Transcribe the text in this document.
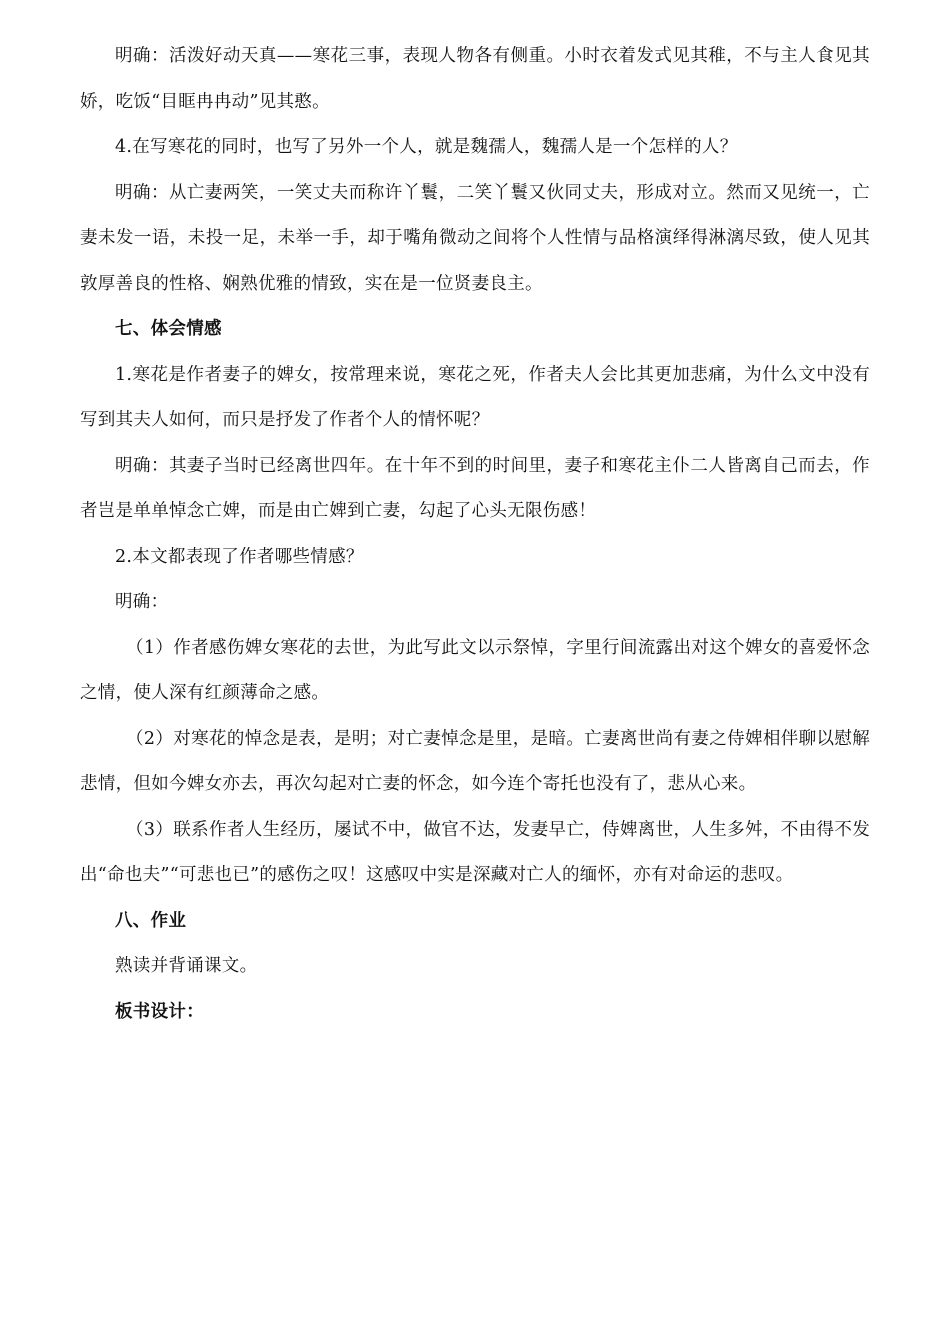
明确：活泼好动天真——寒花三事，表现人物各有侧重。小时衣着发式见其稚，不与主人食见其娇，吃饭“目眶冉冉动”见其憨。

4.在写寒花的同时，也写了另外一个人，就是魏孺人，魏孺人是一个怎样的人？

明确：从亡妻两笑，一笑丈夫而称许丫鬟，二笑丫鬟又伙同丈夫，形成对立。然而又见统一，亡妻未发一语，未投一足，未举一手，却于嘴角微动之间将个人性情与品格演绎得淋漓尽致，使人见其敦厚善良的性格、娴熟优雅的情致，实在是一位贤妻良主。

七、体会情感

1.寒花是作者妻子的婢女，按常理来说，寒花之死，作者夫人会比其更加悲痛，为什么文中没有写到其夫人如何，而只是抒发了作者个人的情怀呢？

明确：其妻子当时已经离世四年。在十年不到的时间里，妻子和寒花主仆二人皆离自己而去，作者岂是单单悼念亡婢，而是由亡婢到亡妻，勾起了心头无限伤感！

2.本文都表现了作者哪些情感？

明确：

（1）作者感伤婢女寒花的去世，为此写此文以示祭悼，字里行间流露出对这个婢女的喜爱怀念之情，使人深有红颜薄命之感。

（2）对寒花的悼念是表，是明；对亡妻悼念是里，是暗。亡妻离世尚有妻之侍婢相伴聊以慰解悲情，但如今婢女亦去，再次勾起对亡妻的怀念，如今连个寄托也没有了，悲从心来。

（3）联系作者人生经历，屡试不中，做官不达，发妻早亡，侍婢离世，人生多舛，不由得不发出“命也夫”“可悲也已”的感伤之叹！这感叹中实是深藏对亡人的缅怀，亦有对命运的悲叹。

八、作业

熟读并背诵课文。

板书设计：
